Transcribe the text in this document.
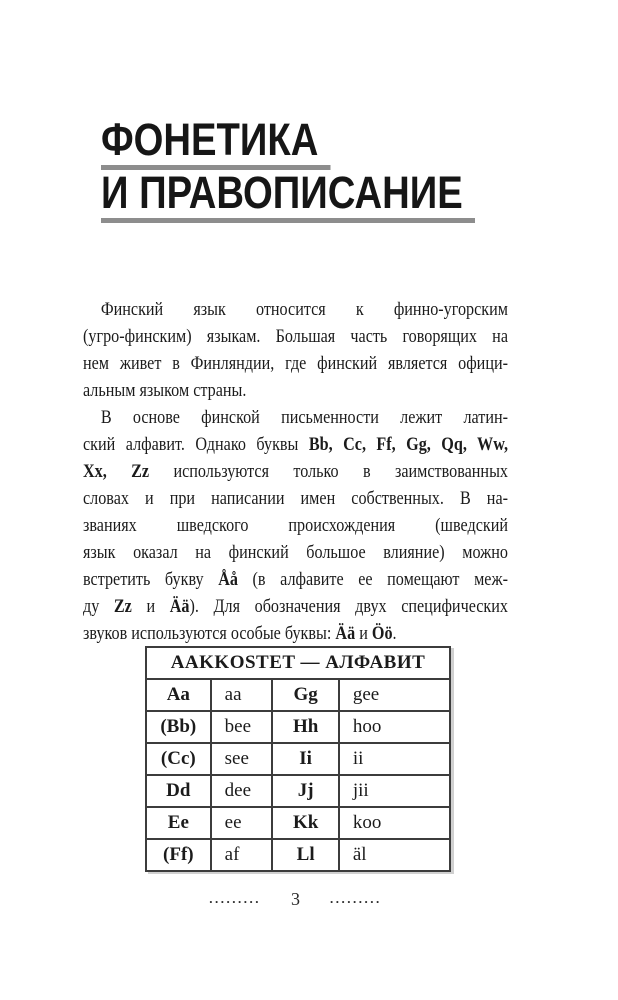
ФОНЕТИКА
И ПРАВОПИСАНИЕ
Финский язык относится к финно-угорским
(угро-финским) языкам. Большая часть говорящих на
нем живет в Финляндии, где финский является офици-
альным языком страны.
В основе финской письменности лежит латин-
ский алфавит. Однако буквы Bb, Cc, Ff, Gg, Qq, Ww,
Xx, Zz используются только в заимствованных
словах и при написании имен собственных. В на-
званиях шведского происхождения (шведский
язык оказал на финский большое влияние) можно
встретить букву Åå (в алфавите ее помещают меж-
ду Zz и Ää). Для обозначения двух специфических
звуков используются особые буквы: Ää и Öö.
AAKKOSTET — АЛФАВИТ			
Aa	aa	Gg	gee
(Bb)	bee	Hh	hoo
(Cc)	see	Ii	ii
Dd	dee	Jj	jii
Ee	ee	Kk	koo
(Ff)	af	Ll	äl
......... 3 .........
